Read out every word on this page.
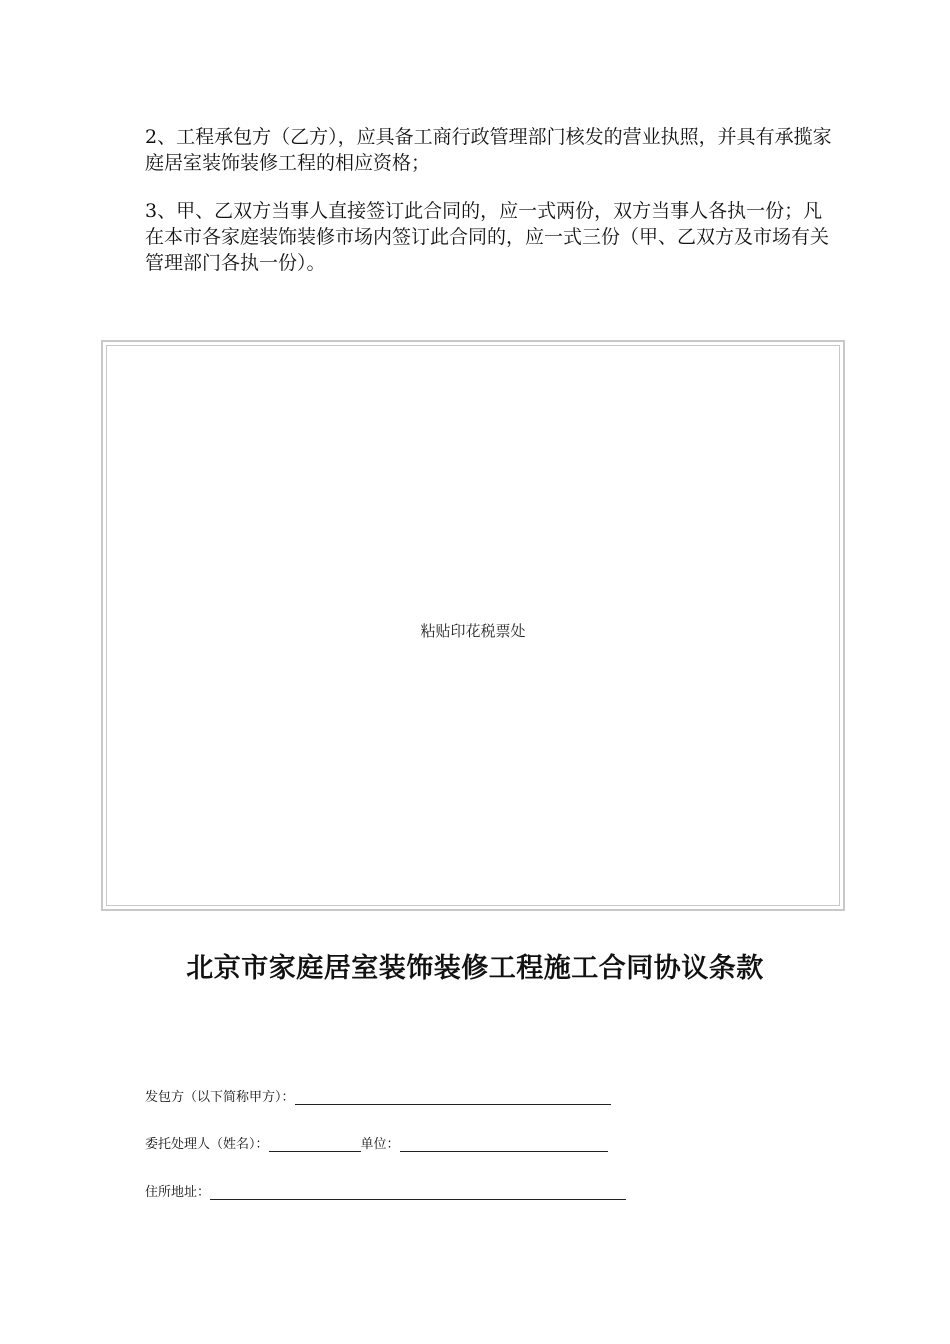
2、工程承包方（乙方），应具备工商行政管理部门核发的营业执照，并具有承揽家庭居室装饰装修工程的相应资格；

3、甲、乙双方当事人直接签订此合同的，应一式两份，双方当事人各执一份；凡在本市各家庭装饰装修市场内签订此合同的，应一式三份（甲、乙双方及市场有关管理部门各执一份）。

粘贴印花税票处
北京市家庭居室装饰装修工程施工合同协议条款
发包方（以下简称甲方）：
委托处理人（姓名）：	单位：
住所地址：
